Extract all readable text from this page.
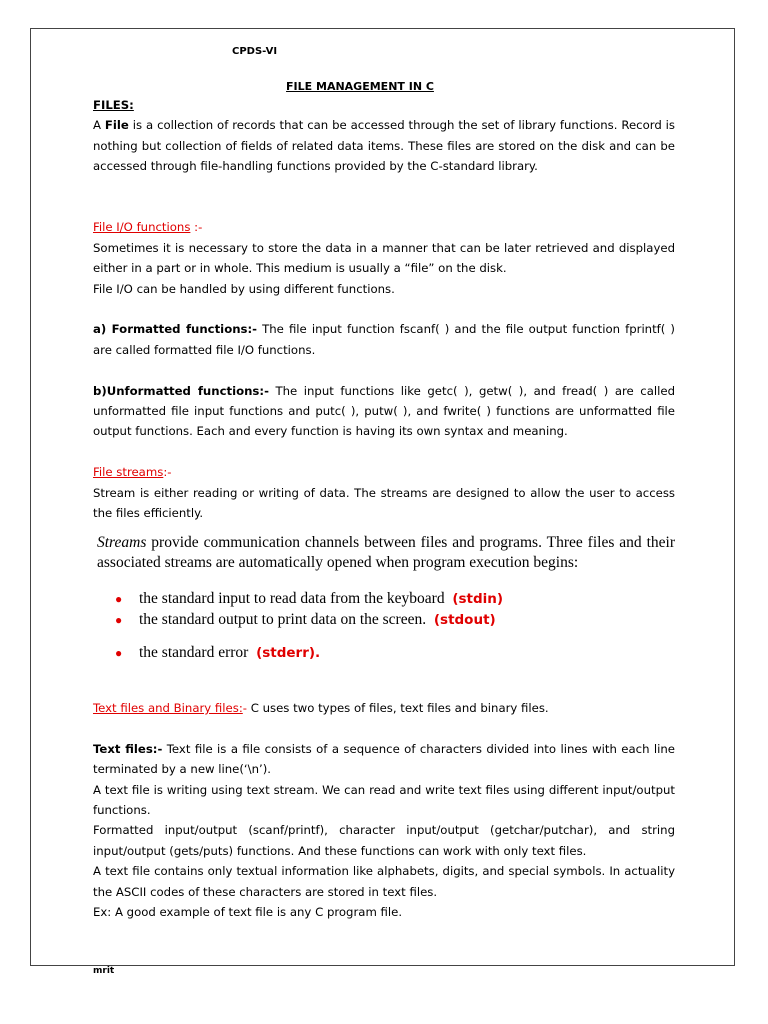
CPDS-VI
FILE MANAGEMENT IN C

FILES:

A File is a collection of records that can be accessed through the set of library functions. Record is nothing but collection of fields of related data items. These files are stored on the disk and can be accessed through file-handling functions provided by the C-standard library.

File I/O functions :-

Sometimes it is necessary to store the data in a manner that can be later retrieved and displayed either in a part or in whole. This medium is usually a “file” on the disk.

File I/O can be handled by using different functions.

a) Formatted functions:- The file input function fscanf( ) and the file output function fprintf( ) are called formatted file I/O functions.

b)Unformatted functions:- The input functions like getc( ), getw( ), and fread( ) are called unformatted file input functions and putc( ), putw( ), and fwrite( ) functions are unformatted file output functions. Each and every function is having its own syntax and meaning.

File streams:-

Stream is either reading or writing of data. The streams are designed to allow the user to access the files efficiently.

Streams provide communication channels between files and programs. Three files and their associated streams are automatically opened when program execution begins:

● the standard input to read data from the keyboard (stdin)
● the standard output to print data on the screen. (stdout)
● the standard error (stderr).

Text files and Binary files:- C uses two types of files, text files and binary files.

Text files:- Text file is a file consists of a sequence of characters divided into lines with each line terminated by a new line(‘\n’).

A text file is writing using text stream. We can read and write text files using different input/output functions.

Formatted input/output (scanf/printf), character input/output (getchar/putchar), and string input/output (gets/puts) functions. And these functions can work with only text files.

A text file contains only textual information like alphabets, digits, and special symbols. In actuality the ASCII codes of these characters are stored in text files.

Ex: A good example of text file is any C program file.

mrit
